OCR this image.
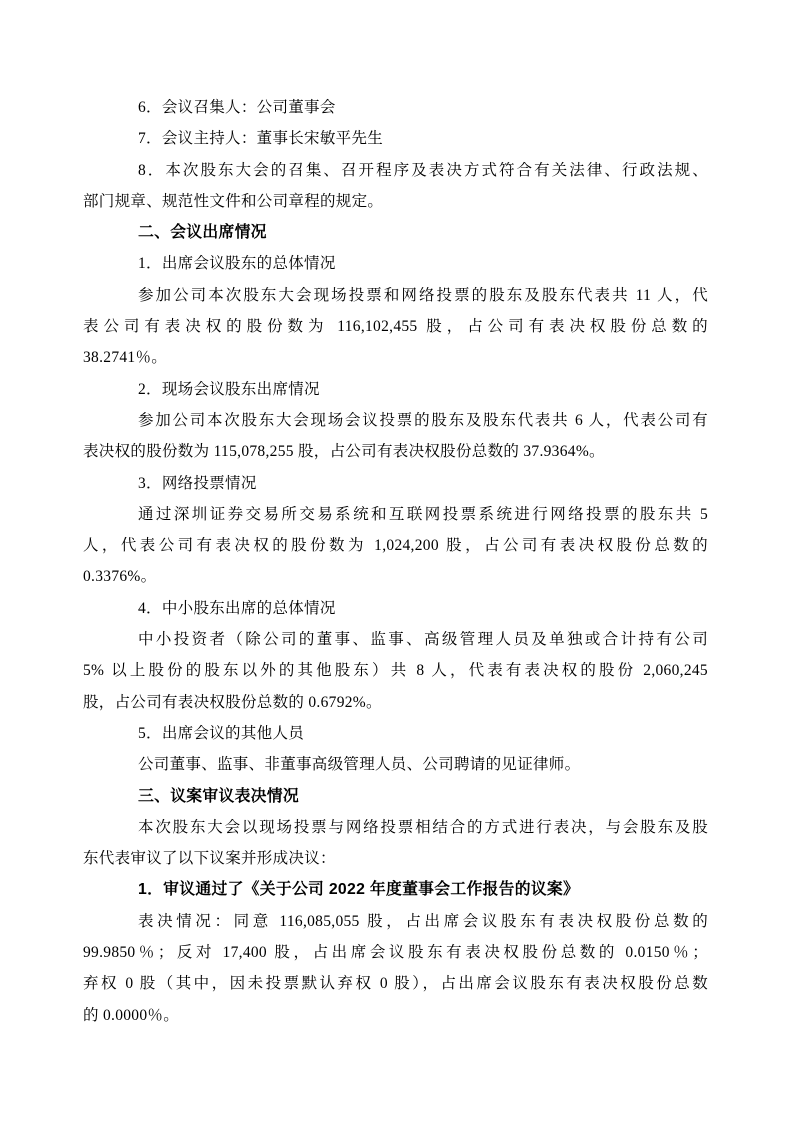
6．会议召集人：公司董事会
7．会议主持人：董事长宋敏平先生
8．本次股东大会的召集、召开程序及表决方式符合有关法律、行政法规、
部门规章、规范性文件和公司章程的规定。
二、会议出席情况
1．出席会议股东的总体情况
参加公司本次股东大会现场投票和网络投票的股东及股东代表共 11 人，代
表公司有表决权的股份数为 116,102,455 股，占公司有表决权股份总数的
38.2741％。
2．现场会议股东出席情况
参加公司本次股东大会现场会议投票的股东及股东代表共 6 人，代表公司有
表决权的股份数为 115,078,255 股，占公司有表决权股份总数的 37.9364%。
3．网络投票情况
通过深圳证券交易所交易系统和互联网投票系统进行网络投票的股东共 5
人，代表公司有表决权的股份数为 1,024,200 股，占公司有表决权股份总数的
0.3376%。
4．中小股东出席的总体情况
中小投资者（除公司的董事、监事、高级管理人员及单独或合计持有公司
5% 以上股份的股东以外的其他股东）共 8 人，代表有表决权的股份 2,060,245
股，占公司有表决权股份总数的 0.6792%。
5．出席会议的其他人员
公司董事、监事、非董事高级管理人员、公司聘请的见证律师。
三、议案审议表决情况
本次股东大会以现场投票与网络投票相结合的方式进行表决，与会股东及股
东代表审议了以下议案并形成决议：
1．审议通过了《关于公司 2022 年度董事会工作报告的议案》
表决情况：同意 116,085,055 股，占出席会议股东有表决权股份总数的
99.9850％；反对 17,400 股，占出席会议股东有表决权股份总数的 0.0150％；
弃权 0 股（其中，因未投票默认弃权 0 股），占出席会议股东有表决权股份总数
的 0.0000％。
